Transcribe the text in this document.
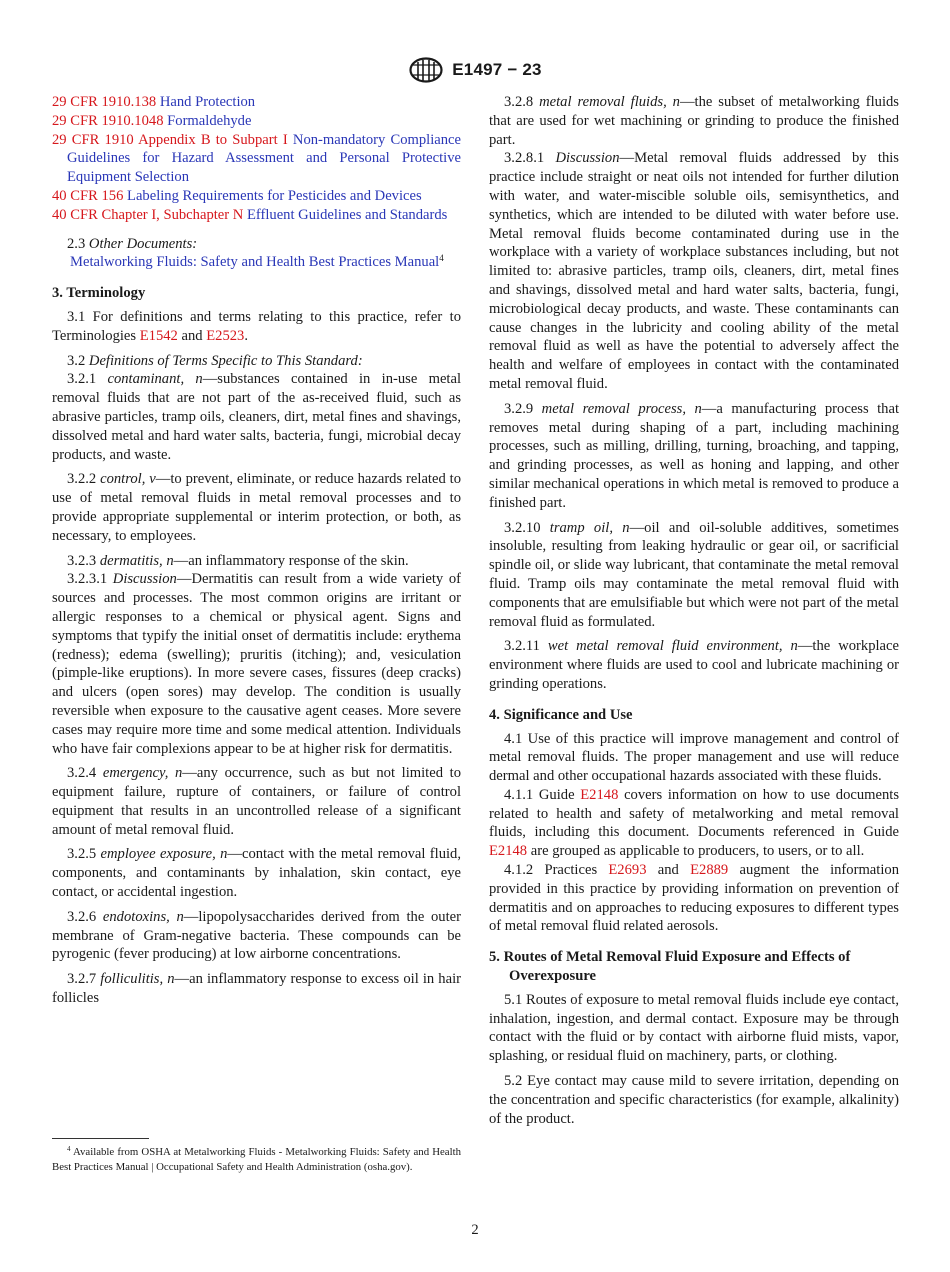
E1497 − 23

29 CFR 1910.138 Hand Protection

29 CFR 1910.1048 Formaldehyde

29 CFR 1910 Appendix B to Subpart I Non-mandatory Compliance Guidelines for Hazard Assessment and Personal Protective Equipment Selection

40 CFR 156 Labeling Requirements for Pesticides and Devices

40 CFR Chapter I, Subchapter N Effluent Guidelines and Standards

2.3 Other Documents:

Metalworking Fluids: Safety and Health Best Practices Manual$^4$

3. Terminology

3.1 For definitions and terms relating to this practice, refer to Terminologies E1542 and E2523.

3.2 Definitions of Terms Specific to This Standard:

3.2.1 contaminant, n—substances contained in in-use metal removal fluids that are not part of the as-received fluid, such as abrasive particles, tramp oils, cleaners, dirt, metal fines and shavings, dissolved metal and hard water salts, bacteria, fungi, microbial decay products, and waste.

3.2.2 control, v—to prevent, eliminate, or reduce hazards related to use of metal removal fluids in metal removal processes and to provide appropriate supplemental or interim protection, or both, as necessary, to employees.

3.2.3 dermatitis, n—an inflammatory response of the skin.

3.2.3.1 Discussion—Dermatitis can result from a wide variety of sources and processes. The most common origins are irritant or allergic responses to a chemical or physical agent. Signs and symptoms that typify the initial onset of dermatitis include: erythema (redness); edema (swelling); pruritis (itching); and, vesiculation (pimple-like eruptions). In more severe cases, fissures (deep cracks) and ulcers (open sores) may develop. The condition is usually reversible when exposure to the causative agent ceases. More severe cases may require more time and some medical attention. Individuals who have fair complexions appear to be at higher risk for dermatitis.

3.2.4 emergency, n—any occurrence, such as but not limited to equipment failure, rupture of containers, or failure of control equipment that results in an uncontrolled release of a significant amount of metal removal fluid.

3.2.5 employee exposure, n—contact with the metal removal fluid, components, and contaminants by inhalation, skin contact, eye contact, or accidental ingestion.

3.2.6 endotoxins, n—lipopolysaccharides derived from the outer membrane of Gram-negative bacteria. These compounds can be pyrogenic (fever producing) at low airborne concentrations.

3.2.7 folliculitis, n—an inflammatory response to excess oil in hair follicles

$^4$ Available from OSHA at Metalworking Fluids - Metalworking Fluids: Safety and Health Best Practices Manual | Occupational Safety and Health Administration (osha.gov).

3.2.8 metal removal fluids, n—the subset of metalworking fluids that are used for wet machining or grinding to produce the finished part.

3.2.8.1 Discussion—Metal removal fluids addressed by this practice include straight or neat oils not intended for further dilution with water, and water-miscible soluble oils, semisynthetics, and synthetics, which are intended to be diluted with water before use. Metal removal fluids become contaminated during use in the workplace with a variety of workplace substances including, but not limited to: abrasive particles, tramp oils, cleaners, dirt, metal fines and shavings, dissolved metal and hard water salts, bacteria, fungi, microbiological decay products, and waste. These contaminants can cause changes in the lubricity and cooling ability of the metal removal fluid as well as have the potential to adversely affect the health and welfare of employees in contact with the contaminated metal removal fluid.

3.2.9 metal removal process, n—a manufacturing process that removes metal during shaping of a part, including machining processes, such as milling, drilling, turning, broaching, and tapping, and grinding processes, as well as honing and lapping, and other similar mechanical operations in which metal is removed to produce a finished part.

3.2.10 tramp oil, n—oil and oil-soluble additives, sometimes insoluble, resulting from leaking hydraulic or gear oil, or sacrificial spindle oil, or slide way lubricant, that contaminate the metal removal fluid. Tramp oils may contaminate the metal removal fluid with components that are emulsifiable but which were not part of the metal removal fluid as formulated.

3.2.11 wet metal removal fluid environment, n—the workplace environment where fluids are used to cool and lubricate machining or grinding operations.

4. Significance and Use

4.1 Use of this practice will improve management and control of metal removal fluids. The proper management and use will reduce dermal and other occupational hazards associated with these fluids.

4.1.1 Guide E2148 covers information on how to use documents related to health and safety of metalworking and metal removal fluids, including this document. Documents referenced in Guide E2148 are grouped as applicable to producers, to users, or to all.

4.1.2 Practices E2693 and E2889 augment the information provided in this practice by providing information on prevention of dermatitis and on approaches to reducing exposures to different types of metal removal fluid related aerosols.

5. Routes of Metal Removal Fluid Exposure and Effects of Overexposure

5.1 Routes of exposure to metal removal fluids include eye contact, inhalation, ingestion, and dermal contact. Exposure may be through contact with the fluid or by contact with airborne fluid mists, vapor, splashing, or residual fluid on machinery, parts, or clothing.

5.2 Eye contact may cause mild to severe irritation, depending on the concentration and specific characteristics (for example, alkalinity) of the product.

2
